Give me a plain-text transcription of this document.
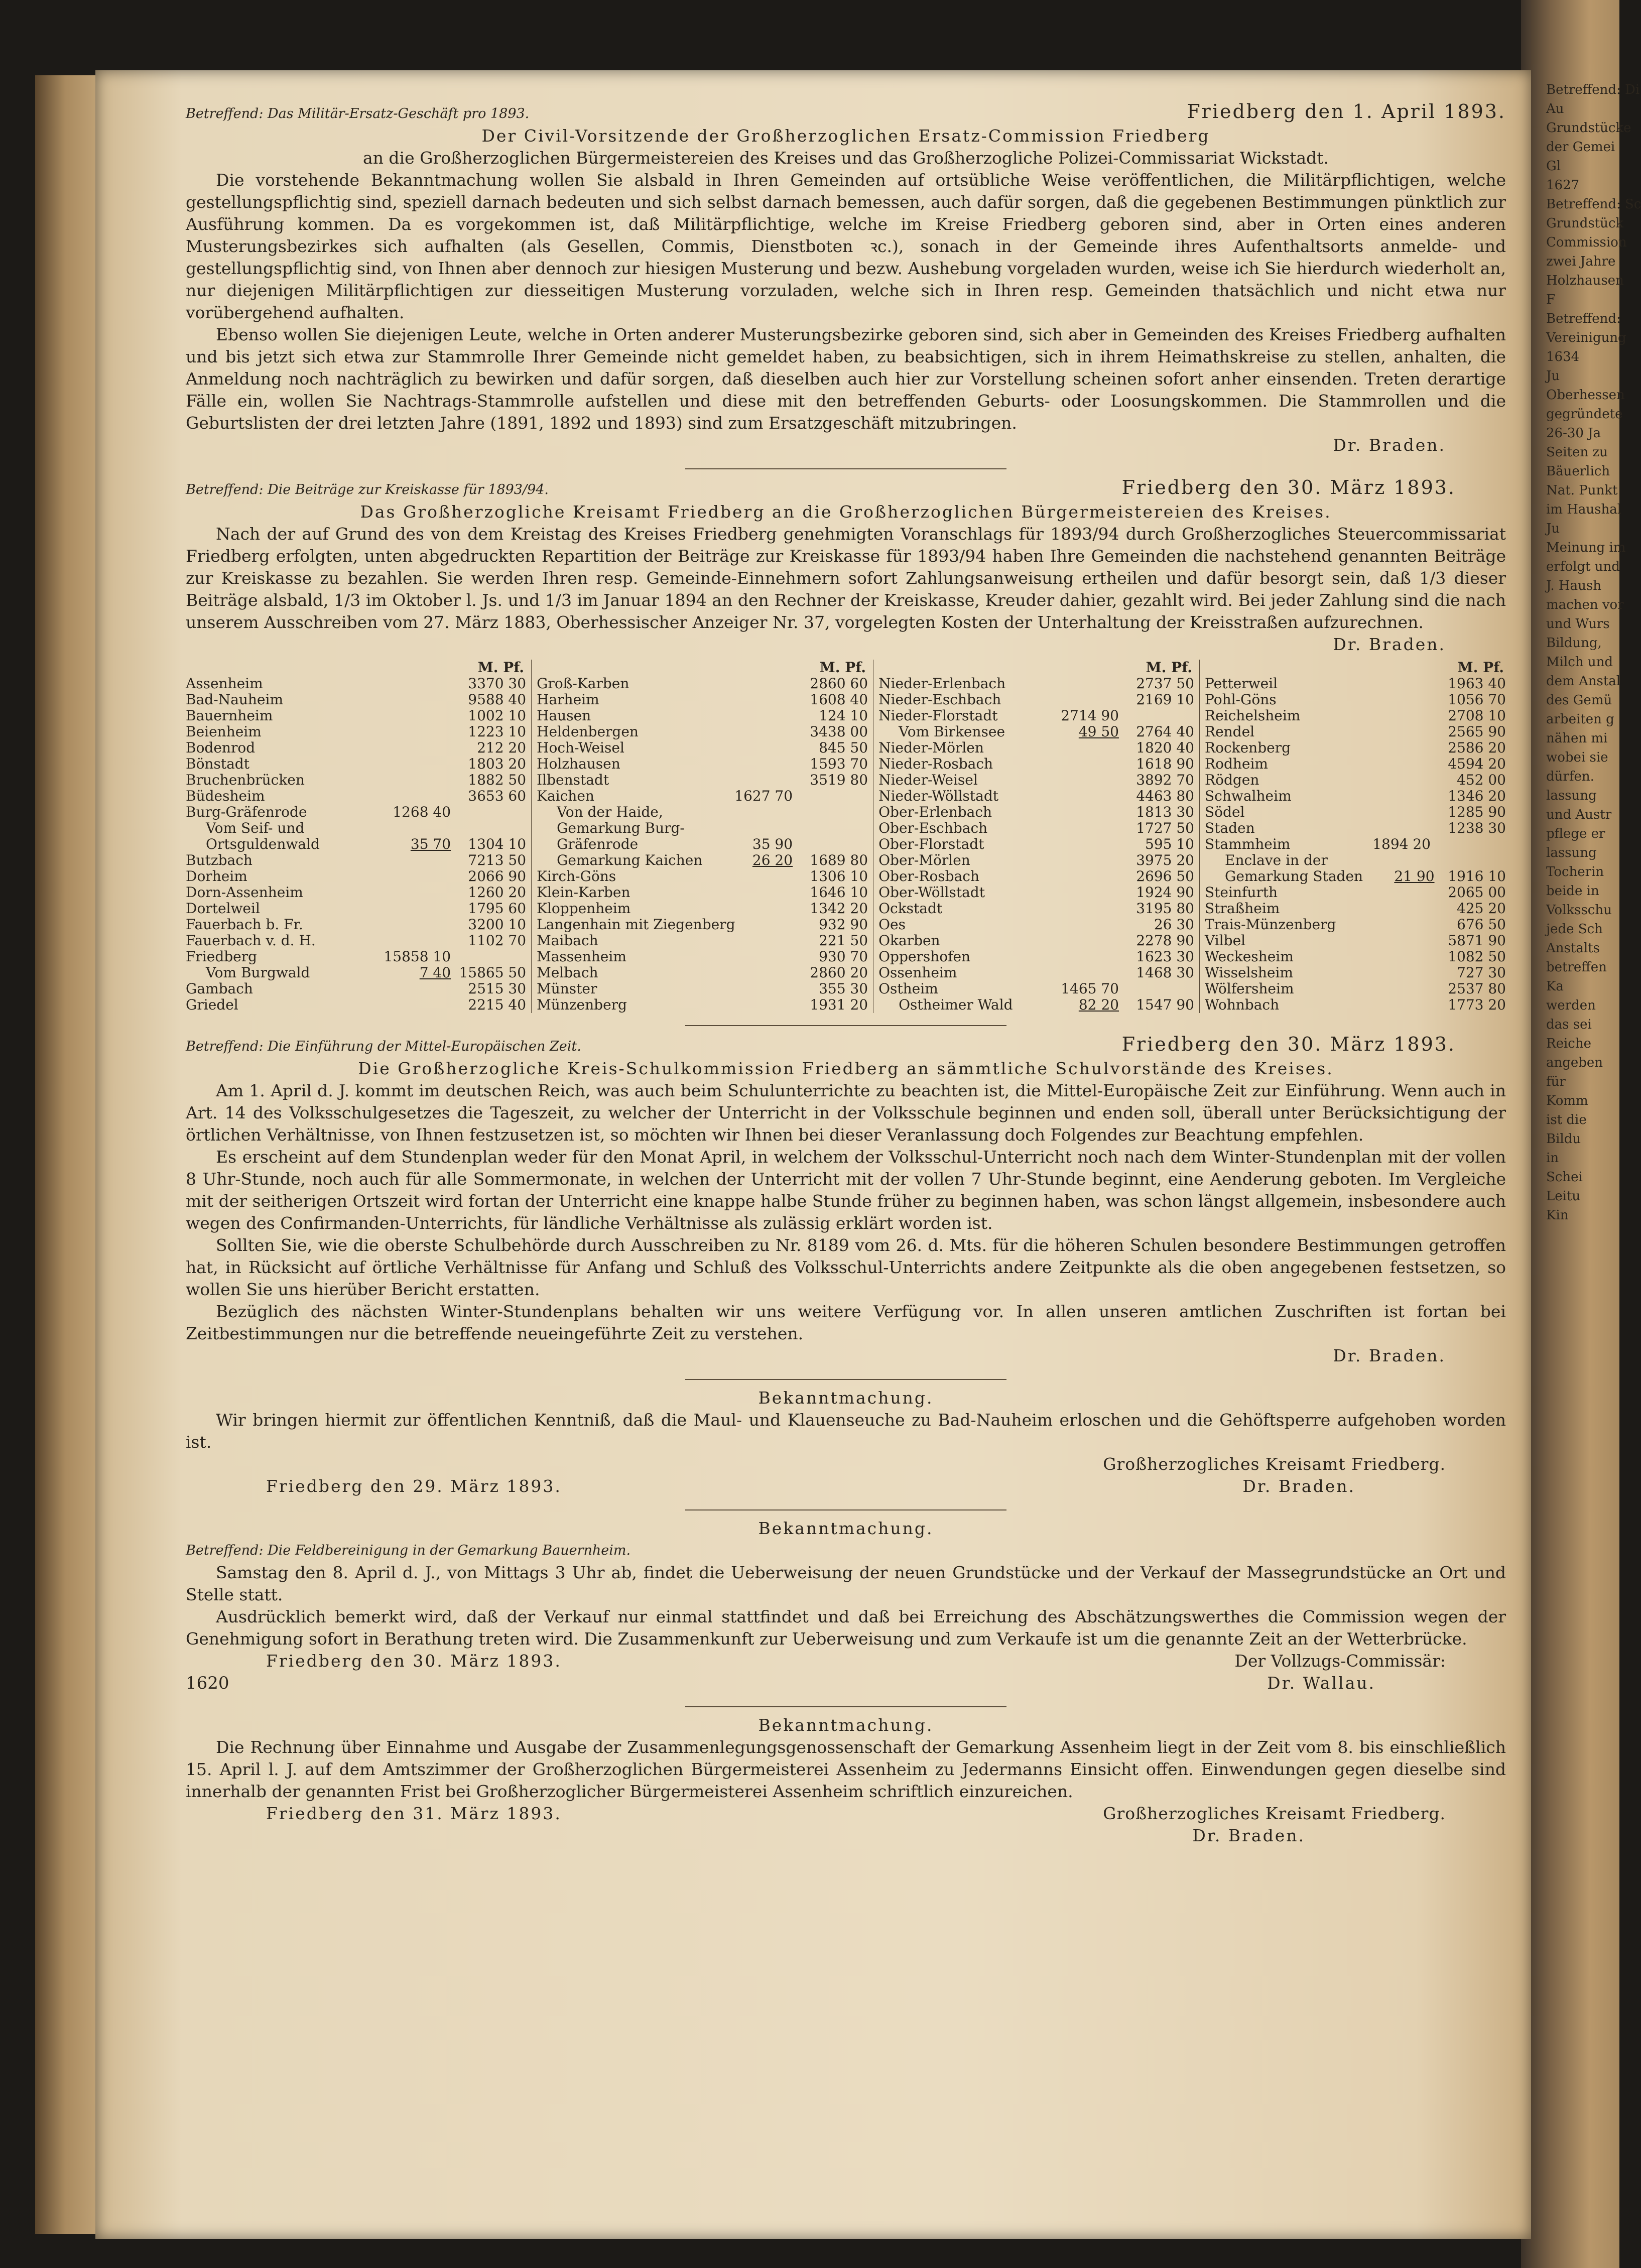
Betreffend: Di
Au
Grundstücke
der Gemei
Gl
1627
Betreffend: Sc
Grundstück
Commission
zwei Jahre
Holzhausen
F
Betreffend:
Vereinigung
1634
Ju
Oberhessen
gegründete
26-30 Ja
Seiten zu
Bäuerlich
Nat. Punkt
im Haushal
Ju
Meinung im
erfolgt und
J. Haush
machen vor
und Wurs
Bildung,
Milch und
dem Anstal
des Gemü
arbeiten g
nähen mi
wobei sie
dürfen.
lassung
und Austr
pflege er
lassung
Tocherin
beide in
Volksschu
jede Sch
Anstalts
betreffen
Ka
werden
das sei
Reiche
angeben
für
Komm
ist die
Bildu
in
Schei
Leitu
Kin
Betreffend: Das Militär-Ersatz-Geschäft pro 1893.	Friedberg den 1. April 1893.

Der Civil-Vorsitzende der Großherzoglichen Ersatz-Commission Friedberg

an die Großherzoglichen Bürgermeistereien des Kreises und das Großherzogliche Polizei-Commissariat Wickstadt.

Die vorstehende Bekanntmachung wollen Sie alsbald in Ihren Gemeinden auf ortsübliche Weise veröffentlichen, die Militärpflichtigen, welche gestellungspflichtig sind, speziell darnach bedeuten und sich selbst darnach bemessen, auch dafür sorgen, daß die gegebenen Bestimmungen pünktlich zur Ausführung kommen. Da es vorgekommen ist, daß Militärpflichtige, welche im Kreise Friedberg geboren sind, aber in Orten eines anderen Musterungsbezirkes sich aufhalten (als Gesellen, Commis, Dienstboten ꝛc.), sonach in der Gemeinde ihres Aufenthaltsorts anmelde- und gestellungspflichtig sind, von Ihnen aber dennoch zur hiesigen Musterung und bezw. Aushebung vorgeladen wurden, weise ich Sie hierdurch wiederholt an, nur diejenigen Militärpflichtigen zur diesseitigen Musterung vorzuladen, welche sich in Ihren resp. Gemeinden thatsächlich und nicht etwa nur vorübergehend aufhalten.

Ebenso wollen Sie diejenigen Leute, welche in Orten anderer Musterungsbezirke geboren sind, sich aber in Gemeinden des Kreises Friedberg aufhalten und bis jetzt sich etwa zur Stammrolle Ihrer Gemeinde nicht gemeldet haben, zu beabsichtigen, sich in ihrem Heimathskreise zu stellen, anhalten, die Anmeldung noch nachträglich zu bewirken und dafür sorgen, daß dieselben auch hier zur Vorstellung scheinen sofort anher einsenden. Treten derartige Fälle ein, wollen Sie Nachtrags-Stammrolle aufstellen und diese mit den betreffenden Geburts- oder Loosungskommen. Die Stammrollen und die Geburtslisten der drei letzten Jahre (1891, 1892 und 1893) sind zum Ersatzgeschäft mitzubringen.

Dr. Braden.

Betreffend: Die Beiträge zur Kreiskasse für 1893/94.	Friedberg den 30. März 1893.

Das Großherzogliche Kreisamt Friedberg an die Großherzoglichen Bürgermeistereien des Kreises.

Nach der auf Grund des von dem Kreistag des Kreises Friedberg genehmigten Voranschlags für 1893/94 durch Großherzogliches Steuercommissariat Friedberg erfolgten, unten abgedruckten Repartition der Beiträge zur Kreiskasse für 1893/94 haben Ihre Gemeinden die nachstehend genannten Beiträge zur Kreiskasse zu bezahlen. Sie werden Ihren resp. Gemeinde-Einnehmern sofort Zahlungsanweisung ertheilen und dafür besorgt sein, daß 1/3 dieser Beiträge alsbald, 1/3 im Oktober l. Js. und 1/3 im Januar 1894 an den Rechner der Kreiskasse, Kreuder dahier, gezahlt wird. Bei jeder Zahlung sind die nach unserem Ausschreiben vom 27. März 1883, Oberhessischer Anzeiger Nr. 37, vorgelegten Kosten der Unterhaltung der Kreisstraßen aufzurechnen.

Dr. Braden.

M. Pf.
Assenheim	3370 30
Bad-Nauheim	9588 40
Bauernheim	1002 10
Beienheim	1223 10
Bodenrod	212 20
Bönstadt	1803 20
Bruchenbrücken	1882 50
Büdesheim	3653 60
Burg-Gräfenrode	1268 40
Vom Seif- und
Ortsguldenwald	35 70	1304 10
Butzbach	7213 50
Dorheim	2066 90
Dorn-Assenheim	1260 20
Dortelweil	1795 60
Fauerbach b. Fr.	3200 10
Fauerbach v. d. H.	1102 70
Friedberg	15858 10
Vom Burgwald	7 40 15865 50
Gambach	2515 30
Griedel	2215 40
M. Pf.
Groß-Karben	2860 60
Harheim	1608 40
Hausen	124 10
Heldenbergen	3438 00
Hoch-Weisel	845 50
Holzhausen	1593 70
Ilbenstadt	3519 80
Kaichen	1627 70
Von der Haide,
Gemarkung Burg-
Gräfenrode	35 90
Gemarkung Kaichen	26 20	1689 80
Kirch-Göns	1306 10
Klein-Karben	1646 10
Kloppenheim	1342 20
Langenhain mit Ziegenberg	932 90
Maibach	221 50
Massenheim	930 70
Melbach	2860 20
Münster	355 30
Münzenberg	1931 20
M. Pf.
Nieder-Erlenbach	2737 50
Nieder-Eschbach	2169 10
Nieder-Florstadt	2714 90
Vom Birkensee	49 50	2764 40
Nieder-Mörlen	1820 40
Nieder-Rosbach	1618 90
Nieder-Weisel	3892 70
Nieder-Wöllstadt	4463 80
Ober-Erlenbach	1813 30
Ober-Eschbach	1727 50
Ober-Florstadt	595 10
Ober-Mörlen	3975 20
Ober-Rosbach	2696 50
Ober-Wöllstadt	1924 90
Ockstadt	3195 80
Oes	26 30
Okarben	2278 90
Oppershofen	1623 30
Ossenheim	1468 30
Ostheim	1465 70
Ostheimer Wald	82 20	1547 90
M. Pf.
Petterweil	1963 40
Pohl-Göns	1056 70
Reichelsheim	2708 10
Rendel	2565 90
Rockenberg	2586 20
Rodheim	4594 20
Rödgen	452 00
Schwalheim	1346 20
Södel	1285 90
Staden	1238 30
Stammheim	1894 20
Enclave in der
Gemarkung Staden	21 90 1916 10
Steinfurth	2065 00
Straßheim	425 20
Trais-Münzenberg	676 50
Vilbel	5871 90
Weckesheim	1082 50
Wisselsheim	727 30
Wölfersheim	2537 80
Wohnbach	1773 20
Betreffend: Die Einführung der Mittel-Europäischen Zeit.	Friedberg den 30. März 1893.

Die Großherzogliche Kreis-Schulkommission Friedberg an sämmtliche Schulvorstände des Kreises.

Am 1. April d. J. kommt im deutschen Reich, was auch beim Schulunterrichte zu beachten ist, die Mittel-Europäische Zeit zur Einführung. Wenn auch in Art. 14 des Volksschulgesetzes die Tageszeit, zu welcher der Unterricht in der Volksschule beginnen und enden soll, überall unter Berücksichtigung der örtlichen Verhältnisse, von Ihnen festzusetzen ist, so möchten wir Ihnen bei dieser Veranlassung doch Folgendes zur Beachtung empfehlen.

Es erscheint auf dem Stundenplan weder für den Monat April, in welchem der Volksschul-Unterricht noch nach dem Winter-Stundenplan mit der vollen 8 Uhr-Stunde, noch auch für alle Sommermonate, in welchen der Unterricht mit der vollen 7 Uhr-Stunde beginnt, eine Aenderung geboten. Im Vergleiche mit der seitherigen Ortszeit wird fortan der Unterricht eine knappe halbe Stunde früher zu beginnen haben, was schon längst allgemein, insbesondere auch wegen des Confirmanden-Unterrichts, für ländliche Verhältnisse als zulässig erklärt worden ist.

Sollten Sie, wie die oberste Schulbehörde durch Ausschreiben zu Nr. 8189 vom 26. d. Mts. für die höheren Schulen besondere Bestimmungen getroffen hat, in Rücksicht auf örtliche Verhältnisse für Anfang und Schluß des Volksschul-Unterrichts andere Zeitpunkte als die oben angegebenen festsetzen, so wollen Sie uns hierüber Bericht erstatten.

Bezüglich des nächsten Winter-Stundenplans behalten wir uns weitere Verfügung vor. In allen unseren amtlichen Zuschriften ist fortan bei Zeitbestimmungen nur die betreffende neueingeführte Zeit zu verstehen.

Dr. Braden.

Bekanntmachung.

Wir bringen hiermit zur öffentlichen Kenntniß, daß die Maul- und Klauenseuche zu Bad-Nauheim erloschen und die Gehöftsperre aufgehoben worden ist.

Großherzogliches Kreisamt Friedberg.

Friedberg den 29. März 1893.	Dr. Braden.

Bekanntmachung.

Betreffend: Die Feldbereinigung in der Gemarkung Bauernheim.

Samstag den 8. April d. J., von Mittags 3 Uhr ab, findet die Ueberweisung der neuen Grundstücke und der Verkauf der Massegrundstücke an Ort und Stelle statt.

Ausdrücklich bemerkt wird, daß der Verkauf nur einmal stattfindet und daß bei Erreichung des Abschätzungswerthes die Commission wegen der Genehmigung sofort in Berathung treten wird. Die Zusammenkunft zur Ueberweisung und zum Verkaufe ist um die genannte Zeit an der Wetterbrücke.

Friedberg den 30. März 1893.	Der Vollzugs-Commissär:
1620	Dr. Wallau.

Bekanntmachung.

Die Rechnung über Einnahme und Ausgabe der Zusammenlegungsgenossenschaft der Gemarkung Assenheim liegt in der Zeit vom 8. bis einschließlich 15. April l. J. auf dem Amtszimmer der Großherzoglichen Bürgermeisterei Assenheim zu Jedermanns Einsicht offen. Einwendungen gegen dieselbe sind innerhalb der genannten Frist bei Großherzoglicher Bürgermeisterei Assenheim schriftlich einzureichen.

Friedberg den 31. März 1893.	Großherzogliches Kreisamt Friedberg.

Dr. Braden.
